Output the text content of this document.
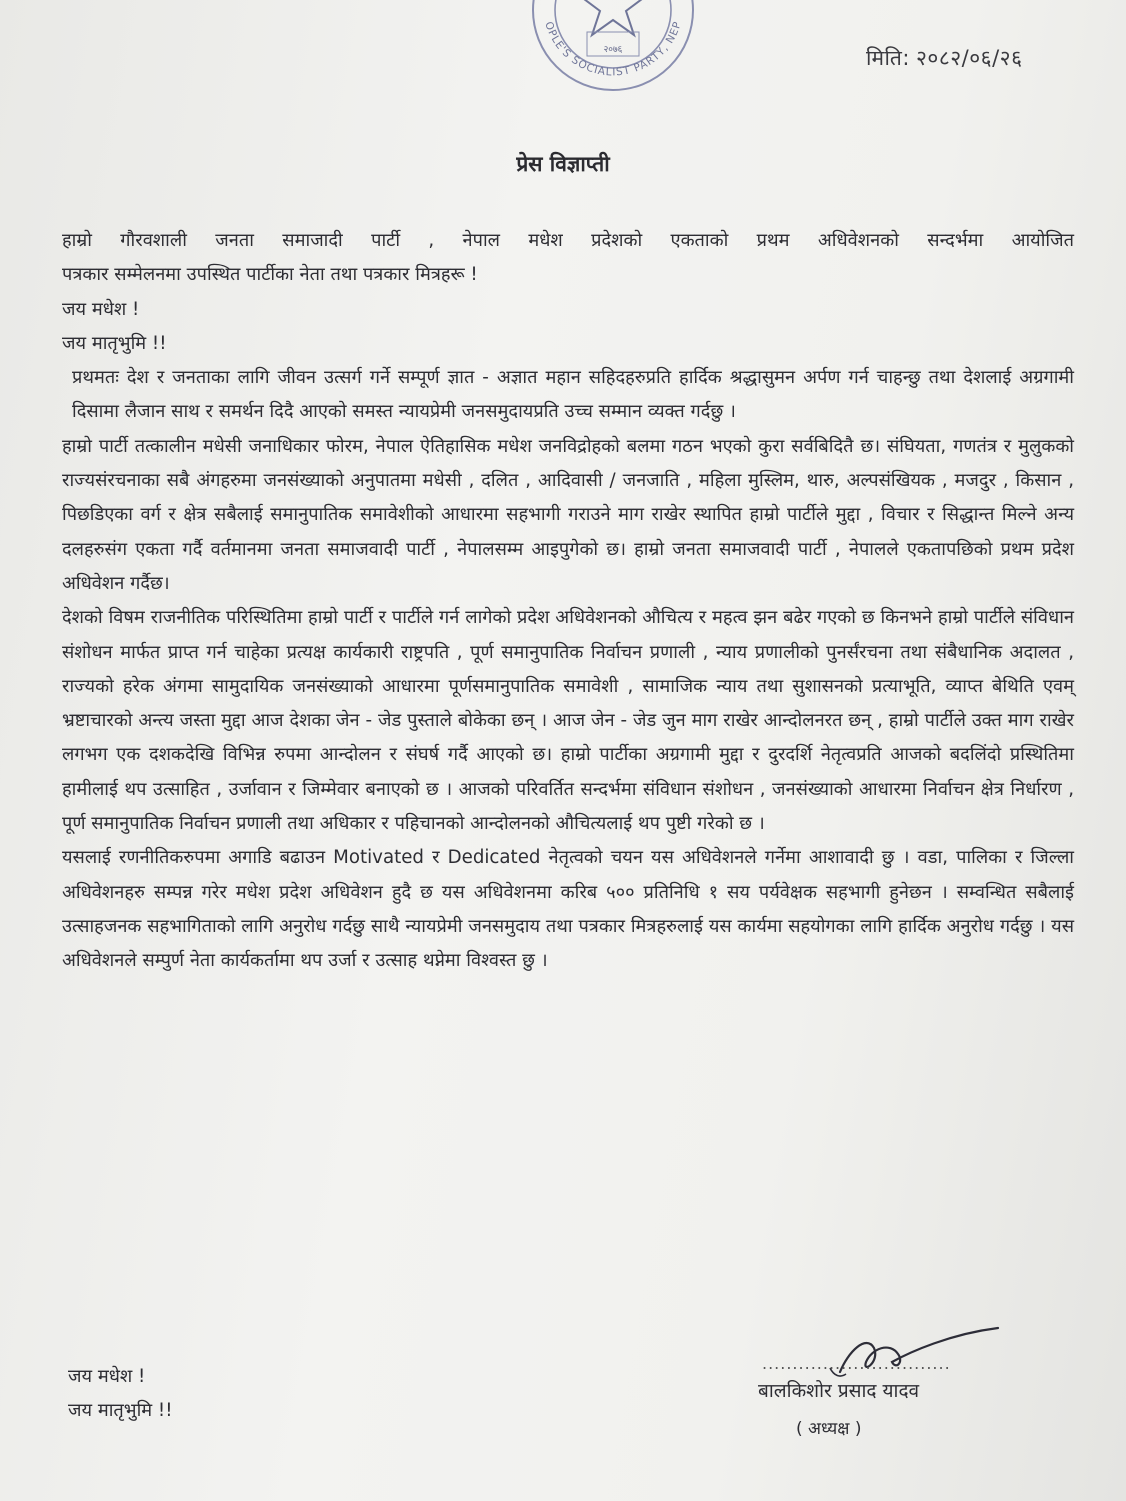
२०७६
OPLE'S SOCIALIST PARTY, NEP
मिति: २०८२/०६/२६
प्रेस विज्ञाप्ती

हाम्रो गौरवशाली जनता समाजादी पार्टी , नेपाल मधेश प्रदेशको एकताको प्रथम अधिवेशनको सन्दर्भमा आयोजित

पत्रकार सम्मेलनमा उपस्थित पार्टीका नेता तथा पत्रकार मित्रहरू !

जय मधेश !

जय मातृभुमि !!

प्रथमतः देश र जनताका लागि जीवन उत्सर्ग गर्ने सम्पूर्ण ज्ञात - अज्ञात महान सहिदहरुप्रति हार्दिक श्रद्धासुमन अर्पण गर्न चाहन्छु तथा देशलाई अग्रगामी दिसामा लैजान साथ र समर्थन दिदै आएको समस्त न्यायप्रेमी जनसमुदायप्रति उच्च सम्मान व्यक्त गर्दछु ।

हाम्रो पार्टी तत्कालीन मधेसी जनाधिकार फोरम, नेपाल ऐतिहासिक मधेश जनविद्रोहको बलमा गठन भएको कुरा सर्वबिदितै छ। संघियता, गणतंत्र र मुलुकको राज्यसंरचनाका सबै अंगहरुमा जनसंख्याको अनुपातमा मधेसी , दलित , आदिवासी / जनजाति , महिला मुस्लिम, थारु, अल्पसंखियक , मजदुर , किसान , पिछडिएका वर्ग र क्षेत्र सबैलाई समानुपातिक समावेशीको आधारमा सहभागी गराउने माग राखेर स्थापित हाम्रो पार्टीले मुद्दा , विचार र सिद्धान्त मिल्ने अन्य दलहरुसंग एकता गर्दै वर्तमानमा जनता समाजवादी पार्टी , नेपालसम्म आइपुगेको छ। हाम्रो जनता समाजवादी पार्टी , नेपालले एकतापछिको प्रथम प्रदेश अधिवेशन गर्दैछ।

देशको विषम राजनीतिक परिस्थितिमा हाम्रो पार्टी र पार्टीले गर्न लागेको प्रदेश अधिवेशनको औचित्य र महत्व झन बढेर गएको छ किनभने हाम्रो पार्टीले संविधान संशोधन मार्फत प्राप्त गर्न चाहेका प्रत्यक्ष कार्यकारी राष्ट्रपति , पूर्ण समानुपातिक निर्वाचन प्रणाली , न्याय प्रणालीको पुनर्संरचना तथा संबैधानिक अदालत , राज्यको हरेक अंगमा सामुदायिक जनसंख्याको आधारमा पूर्णसमानुपातिक समावेशी , सामाजिक न्याय तथा सुशासनको प्रत्याभूति, व्याप्त बेथिति एवम् भ्रष्टाचारको अन्त्य जस्ता मुद्दा आज देशका जेन - जेड पुस्ताले बोकेका छन् । आज जेन - जेड जुन माग राखेर आन्दोलनरत छन् , हाम्रो पार्टीले उक्त माग राखेर लगभग एक दशकदेखि विभिन्न रुपमा आन्दोलन र संघर्ष गर्दै आएको छ। हाम्रो पार्टीका अग्रगामी मुद्दा र दुरदर्शि नेतृत्वप्रति आजको बदलिंदो प्रस्थितिमा हामीलाई थप उत्साहित , उर्जावान र जिम्मेवार बनाएको छ । आजको परिवर्तित सन्दर्भमा संविधान संशोधन , जनसंख्याको आधारमा निर्वाचन क्षेत्र निर्धारण , पूर्ण समानुपातिक निर्वाचन प्रणाली तथा अधिकार र पहिचानको आन्दोलनको औचित्यलाई थप पुष्टी गरेको छ ।

यसलाई रणनीतिकरुपमा अगाडि बढाउन Motivated र Dedicated नेतृत्वको चयन यस अधिवेशनले गर्नेमा आशावादी छु । वडा, पालिका र जिल्ला अधिवेशनहरु सम्पन्न गरेर मधेश प्रदेश अधिवेशन हुदै छ यस अधिवेशनमा करिब ५०० प्रतिनिधि १ सय पर्यवेक्षक सहभागी हुनेछन । सम्वन्धित सबैलाई उत्साहजनक सहभागिताको लागि अनुरोध गर्दछु साथै न्यायप्रेमी जनसमुदाय तथा पत्रकार मित्रहरुलाई यस कार्यमा सहयोगका लागि हार्दिक अनुरोध गर्दछु । यस अधिवेशनले सम्पुर्ण नेता कार्यकर्तामा थप उर्जा र उत्साह थप्नेमा विश्वस्त छु ।

जय मधेश !
जय मातृभुमि !!
...............................
बालकिशोर प्रसाद यादव
( अध्यक्ष )
